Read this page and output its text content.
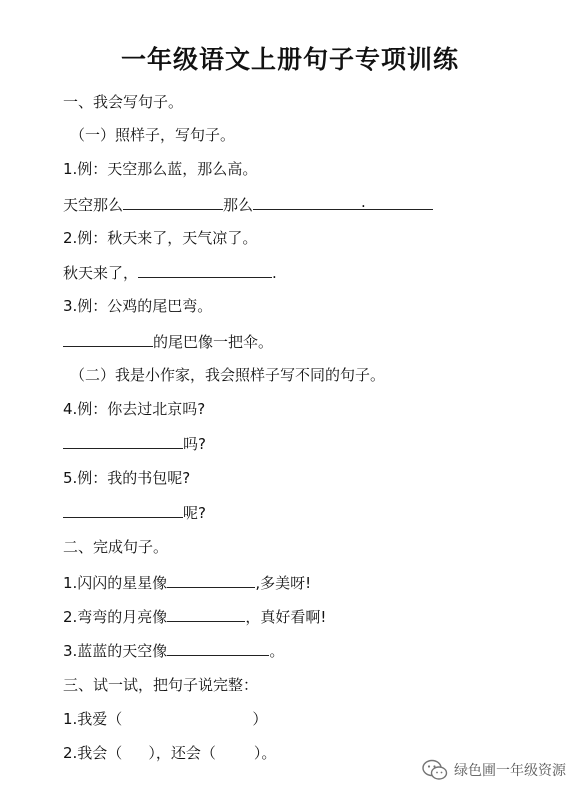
一年级语文上册句子专项训练
一、我会写句子。
（一）照样子，写句子。
1.例：天空那么蓝，那么高。
天空那么	那么	.
2.例：秋天来了，天气凉了。
秋天来了，	.
3.例：公鸡的尾巴弯。
的尾巴像一把伞。
（二）我是小作家，我会照样子写不同的句子。
4.例：你去过北京吗?
吗?
5.例：我的书包呢?
呢?
二、完成句子。
1.闪闪的星星像	,多美呀!
2.弯弯的月亮像	，真好看啊!
3.蓝蓝的天空像	。
三、试一试，把句子说完整：
1.我爱（	）
2.我会（ ），还会（	）。
绿色圃一年级资源
